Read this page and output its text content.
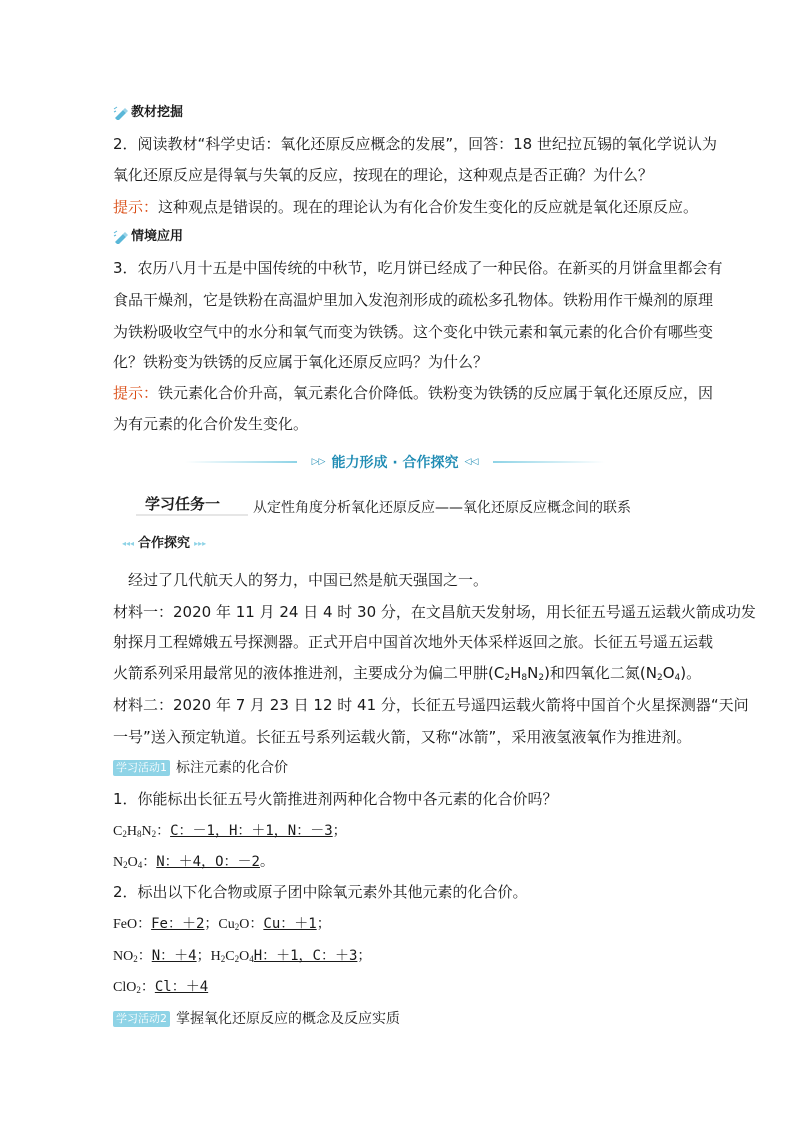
教材挖掘
2．阅读教材“科学史话：氧化还原反应概念的发展”，回答：18 世纪拉瓦锡的氧化学说认为
氧化还原反应是得氧与失氧的反应，按现在的理论，这种观点是否正确？为什么？
提示：这种观点是错误的。现在的理论认为有化合价发生变化的反应就是氧化还原反应。
情境应用
3．农历八月十五是中国传统的中秋节，吃月饼已经成了一种民俗。在新买的月饼盒里都会有
食品干燥剂，它是铁粉在高温炉里加入发泡剂形成的疏松多孔物体。铁粉用作干燥剂的原理
为铁粉吸收空气中的水分和氧气而变为铁锈。这个变化中铁元素和氧元素的化合价有哪些变
化？铁粉变为铁锈的反应属于氧化还原反应吗？为什么？
提示：铁元素化合价升高，氧元素化合价降低。铁粉变为铁锈的反应属于氧化还原反应，因
为有元素的化合价发生变化。
▷▷ 能力形成 · 合作探究 ◁◁
学习任务一 从定性角度分析氧化还原反应——氧化还原反应概念间的联系
◂◂◂ 合作探究 ▸▸▸
经过了几代航天人的努力，中国已然是航天强国之一。
材料一：2020 年 11 月 24 日 4 时 30 分，在文昌航天发射场，用长征五号遥五运载火箭成功发
射探月工程嫦娥五号探测器。正式开启中国首次地外天体采样返回之旅。长征五号遥五运载
火箭系列采用最常见的液体推进剂，主要成分为偏二甲肼$(C_2H_8N_2)$和四氧化二氮$(N_2O_4)$。
材料二：2020 年 7 月 23 日 12 时 41 分，长征五号遥四运载火箭将中国首个火星探测器“天问
一号”送入预定轨道。长征五号系列运载火箭，又称“冰箭”，采用液氢液氧作为推进剂。
学习活动1 标注元素的化合价
1．你能标出长征五号火箭推进剂两种化合物中各元素的化合价吗？
$C_2H_8N_2$：C：－1，H：＋1，N：－3；
$N_2O_4$：N：＋4，O：－2。
2．标出以下化合物或原子团中除氧元素外其他元素的化合价。
FeO：Fe：＋2；$Cu_2O$：Cu：＋1；
$NO_2$：N：＋4；$H_2C_2O_4H$：＋1，C：＋3；
ClO$_2$：Cl：＋4
学习活动2 掌握氧化还原反应的概念及反应实质
